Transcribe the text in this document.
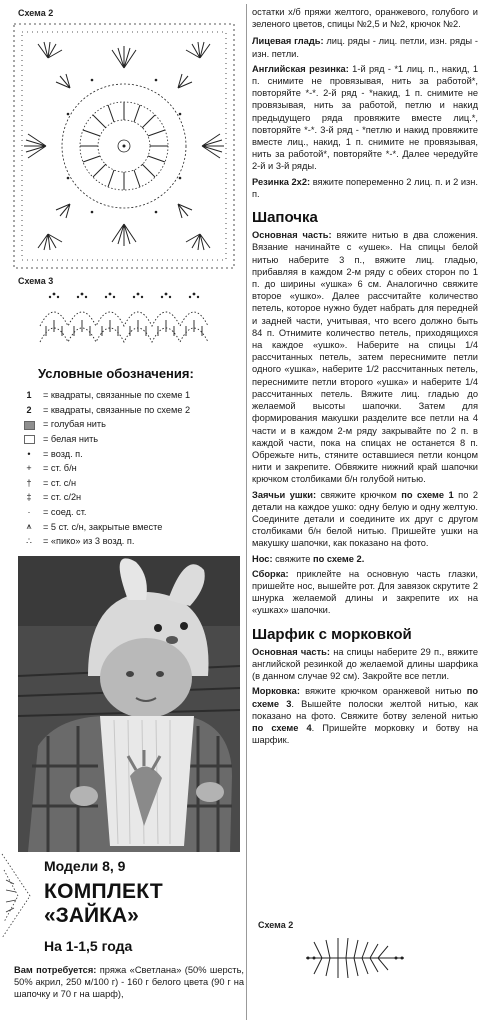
Схема 2
Схема 3
Условные обозначения:
1	= квадраты, связанные по схеме 1
2	= квадраты, связанные по схеме 2
= голубая нить
= белая нить
•	= возд. п.
+	= ст. б/н
†	= ст. с/н
‡	= ст. с/2н
·	= соед. ст.
⩚	= 5 ст. с/н, закрытые вместе
∴	= «пико» из 3 возд. п.
Модели 8, 9
КОМПЛЕКТ
«ЗАЙКА»
На 1-1,5 года
Вам потребуется: пряжа «Светлана» (50% шерсть, 50% акрил, 250 м/100 г) - 160 г белого цвета (90 г на шапочку и 70 г на шарф),

остатки х/б пряжи желтого, оранжевого, голубого и зеленого цветов, спицы №2,5 и №2, крючок №2.

Лицевая гладь: лиц. ряды - лиц. петли, изн. ряды - изн. петли.

Английская резинка: 1-й ряд - *1 лиц. п., накид, 1 п. снимите не провязывая, нить за работой*, повторяйте *-*. 2-й ряд - *накид, 1 п. снимите не провязывая, нить за работой, петлю и накид предыдущего ряда провяжите вместе лиц.*, повторяйте *-*. 3-й ряд - *петлю и накид провяжите вместе лиц., накид, 1 п. снимите не провязывая, нить за работой*, повторяйте *-*. Далее чередуйте 2-й и 3-й ряды.

Резинка 2х2: вяжите попеременно 2 лиц. п. и 2 изн. п.

Шапочка

Основная часть: вяжите нитью в два сложения. Вязание начинайте с «ушек». На спицы белой нитью наберите 3 п., вяжите лиц. гладью, прибавляя в каждом 2-м ряду с обеих сторон по 1 п. до ширины «ушка» 6 см. Аналогично свяжите второе «ушко». Далее рассчитайте количество петель, которое нужно будет набрать для передней и задней части, учитывая, что всего должно быть 84 п. Отнимите количество петель, приходящихся на каждое «ушко». Наберите на спицы 1/4 рассчитанных петель, затем переснимите петли одного «ушка», наберите 1/2 рассчитанных петель, переснимите петли второго «ушка» и наберите 1/4 рассчитанных петель. Вяжите лиц. гладью до желаемой высоты шапочки. Затем для формирования макушки разделите все петли на 4 части и в каждом 2-м ряду закрывайте по 2 п. в каждой части, пока на спицах не останется 8 п. Обрежьте нить, стяните оставшиеся петли концом нити и закрепите. Обвяжите нижний край шапочки крючком столбиками б/н голубой нитью.

Заячьи ушки: свяжите крючком по схеме 1 по 2 детали на каждое ушко: одну белую и одну желтую. Соедините детали и соедините их друг с другом столбиками б/н белой нитью. Пришейте ушки на макушку шапочки, как показано на фото.

Нос: свяжите по схеме 2.

Сборка: приклейте на основную часть глазки, пришейте нос, вышейте рот. Для завязок скрутите 2 шнурка желаемой длины и закрепите их на «ушках» шапочки.

Шарфик с морковкой

Основная часть: на спицы наберите 29 п., вяжите английской резинкой до желаемой длины шарфика (в данном случае 92 см). Закройте все петли.

Морковка: вяжите крючком оранжевой нитью по схеме 3. Вышейте полоски желтой нитью, как показано на фото. Свяжите ботву зеленой нитью по схеме 4. Пришейте морковку и ботву на шарфик.

Схема 2
